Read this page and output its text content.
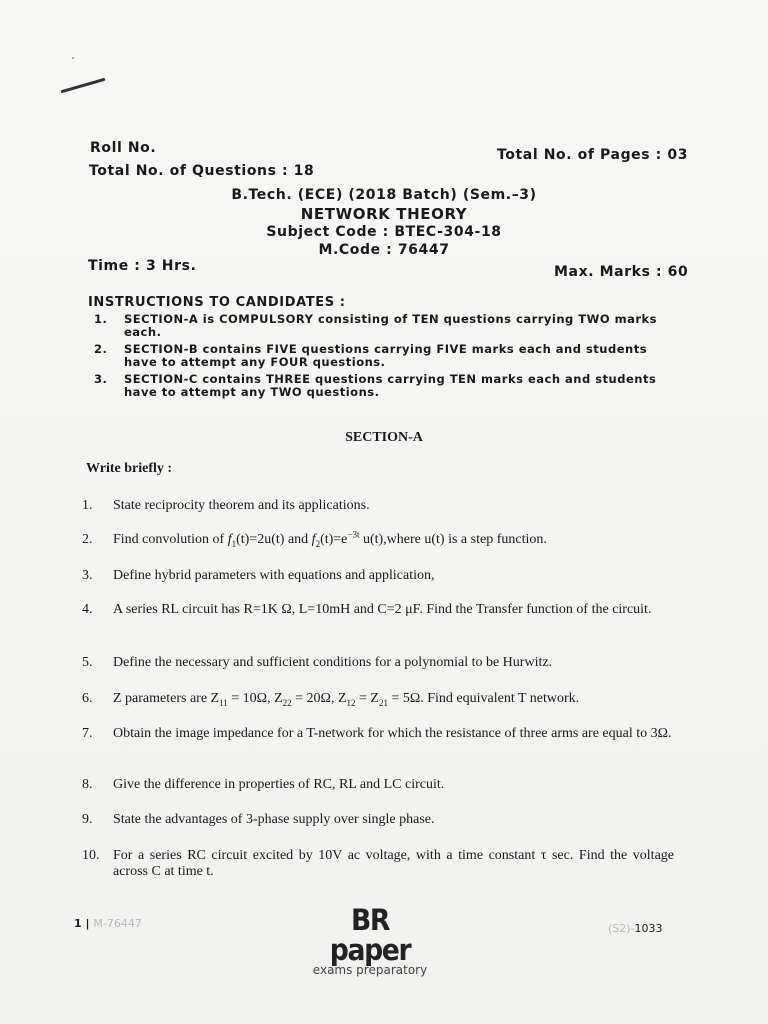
Roll No.
Total No. of Questions : 18
Total No. of Pages : 03
B.Tech. (ECE) (2018 Batch) (Sem.–3)
NETWORK THEORY
Subject Code : BTEC-304-18
M.Code : 76447
Time : 3 Hrs.	Max. Marks : 60
INSTRUCTIONS TO CANDIDATES :
1. SECTION-A is COMPULSORY consisting of TEN questions carrying TWO marks each.
2. SECTION-B contains FIVE questions carrying FIVE marks each and students have to attempt any FOUR questions.
3. SECTION-C contains THREE questions carrying TEN marks each and students have to attempt any TWO questions.
SECTION-A
Write briefly :
1. State reciprocity theorem and its applications.
2. Find convolution of $f_1(t)=2u(t)$ and $f_2(t)=e^{-3t}$ u(t),where u(t) is a step function.
3. Define hybrid parameters with equations and application,
4. A series RL circuit has R=1K Ω, L=10mH and C=2 μF. Find the Transfer function of the circuit.
5. Define the necessary and sufficient conditions for a polynomial to be Hurwitz.
6. Z parameters are $Z_{11} = 10\Omega$, $Z_{22} = 20\Omega$, $Z_{12} = Z_{21} = 5\Omega$. Find equivalent T network.
7. Obtain the image impedance for a T-network for which the resistance of three arms are equal to 3Ω.
8. Give the difference in properties of RC, RL and LC circuit.
9. State the advantages of 3-phase supply over single phase.
10. For a series RC circuit excited by 10V ac voltage, with a time constant τ sec. Find the voltage across C at time t.
1 | M-76447	BR paper
exams preparatory
(S2)-1033
